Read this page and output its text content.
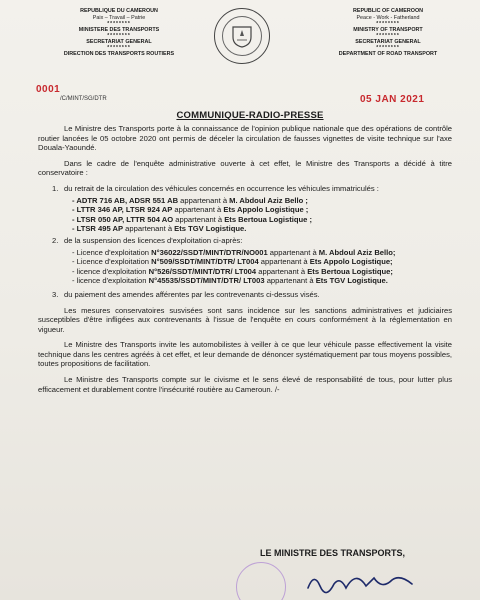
REPUBLIQUE DU CAMEROUN
Paix – Travail – Patrie
********
MINISTERE DES TRANSPORTS
********
SECRETARIAT GENERAL
********
DIRECTION DES TRANSPORTS ROUTIERS
REPUBLIC OF CAMEROON
Peace - Work - Fatherland
********
MINISTRY OF TRANSPORT
********
SECRETARIAT GENERAL
********
DEPARTMENT OF ROAD TRANSPORT
0001
/C/MINT/SG/DTR	05 JAN 2021
COMMUNIQUE-RADIO-PRESSE

Le Ministre des Transports porte à la connaissance de l'opinion publique nationale que des opérations de contrôle routier lancées le 05 octobre 2020 ont permis de déceler la circulation de fausses vignettes de visite technique sur l'axe Douala-Yaoundé.

Dans le cadre de l'enquête administrative ouverte à cet effet, le Ministre des Transports a décidé à titre conservatoire :

1. du retrait de la circulation des véhicules concernés en occurrence les véhicules immatriculés :
- ADTR 716 AB, ADSR 551 AB appartenant à M. Abdoul Aziz Bello ;
- LTTR 346 AP, LTSR 924 AP appartenant à Ets Appolo Logistique ;
- LTSR 050 AP, LTTR 504 AO appartenant à Ets Bertoua Logistique ;
- LTSR 495 AP appartenant à Ets TGV Logistique.
2. de la suspension des licences d'exploitation ci-après:
- Licence d'exploitation N°36022/SSDT/MINT/DTR/NO001 appartenant à M. Abdoul Aziz Bello;
- Licence d'exploitation N°509/SSDT/MINT/DTR/ LT004 appartenant à Ets Appolo Logistique;
- licence d'exploitation N°526/SSDT/MINT/DTR/ LT004 appartenant à Ets Bertoua Logistique;
- licence d'exploitation N°45535/SSDT/MINT/DTR/ LT003 appartenant à Ets TGV Logistique.
3. du paiement des amendes afférentes par les contrevenants ci-dessus visés.

Les mesures conservatoires susvisées sont sans incidence sur les sanctions administratives et judiciaires susceptibles d'être infligées aux contrevenants à l'issue de l'enquête en cours conformément à la réglementation en vigueur.

Le Ministre des Transports invite les automobilistes à veiller à ce que leur véhicule passe effectivement la visite technique dans les centres agréés à cet effet, et leur demande de dénoncer systématiquement par tous moyens possibles, toutes propositions de facilitation.

Le Ministre des Transports compte sur le civisme et le sens élevé de responsabilité de tous, pour lutter plus efficacement et durablement contre l'insécurité routière au Cameroun. /-

LE MINISTRE DES TRANSPORTS,
